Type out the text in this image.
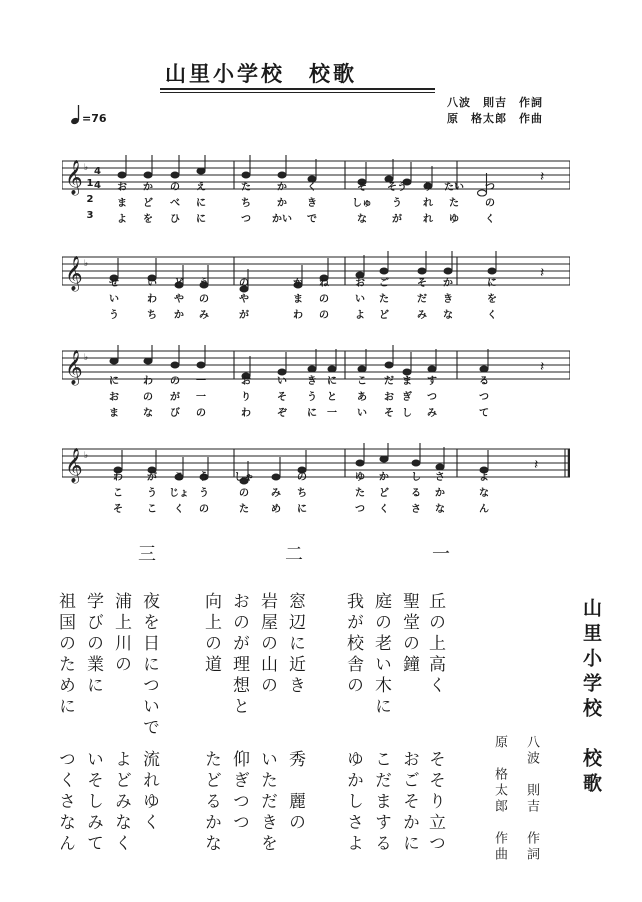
山里小学校　校歌
八波　則吉　作詞
原　格太郎　作曲
=76
𝄞 ♭ 4
4
𝄽
1 お か の え	た	か く	そ そう り たい つ
2 ま ど べ に	ち	か き	しゅ う れ た	の
3 よ を ひ に	つ かい で	な	が れ ゆ	く
𝄞 ♭
𝄽
せ	い ど う	の	か ね	お ご	そ か	に
い	わ や の	や	ま の	い た	だ き	を
う	ち か み	が	わ の	よ ど	み な	く
𝄞 ♭
𝄽
に わ の 一	お	い き に こ だ ま す	る
お の が 一	り	そ う と あ お ぎ つ	つ
ま な び の	わ	ぞ に 一 い そ し み	て
𝄞 ♭
𝄽
わ が こ う	しゃ	の	ゆ か し さ	よ
こ う じょ う	の み ち	た ど る か	な
そ こ く の	た め に	つ く さ な	ん
三	二	一
丘の上高く
聖堂の鐘
庭の老い木に
我が校舎の
そそり立つ
おごそかに
こだまする
ゆかしさよ
窓辺に近き
岩屋の山の
おのが理想と
向上の道
秀　麗の
いただきを
仰ぎつつ
たどるかな
夜を日についで
浦上川の
学びの業に
祖国のために
流れゆく
よどみなく
いそしみて
つくさなん
山里小学校　校歌
八波　則吉　作詞
原　格太郎　作曲
